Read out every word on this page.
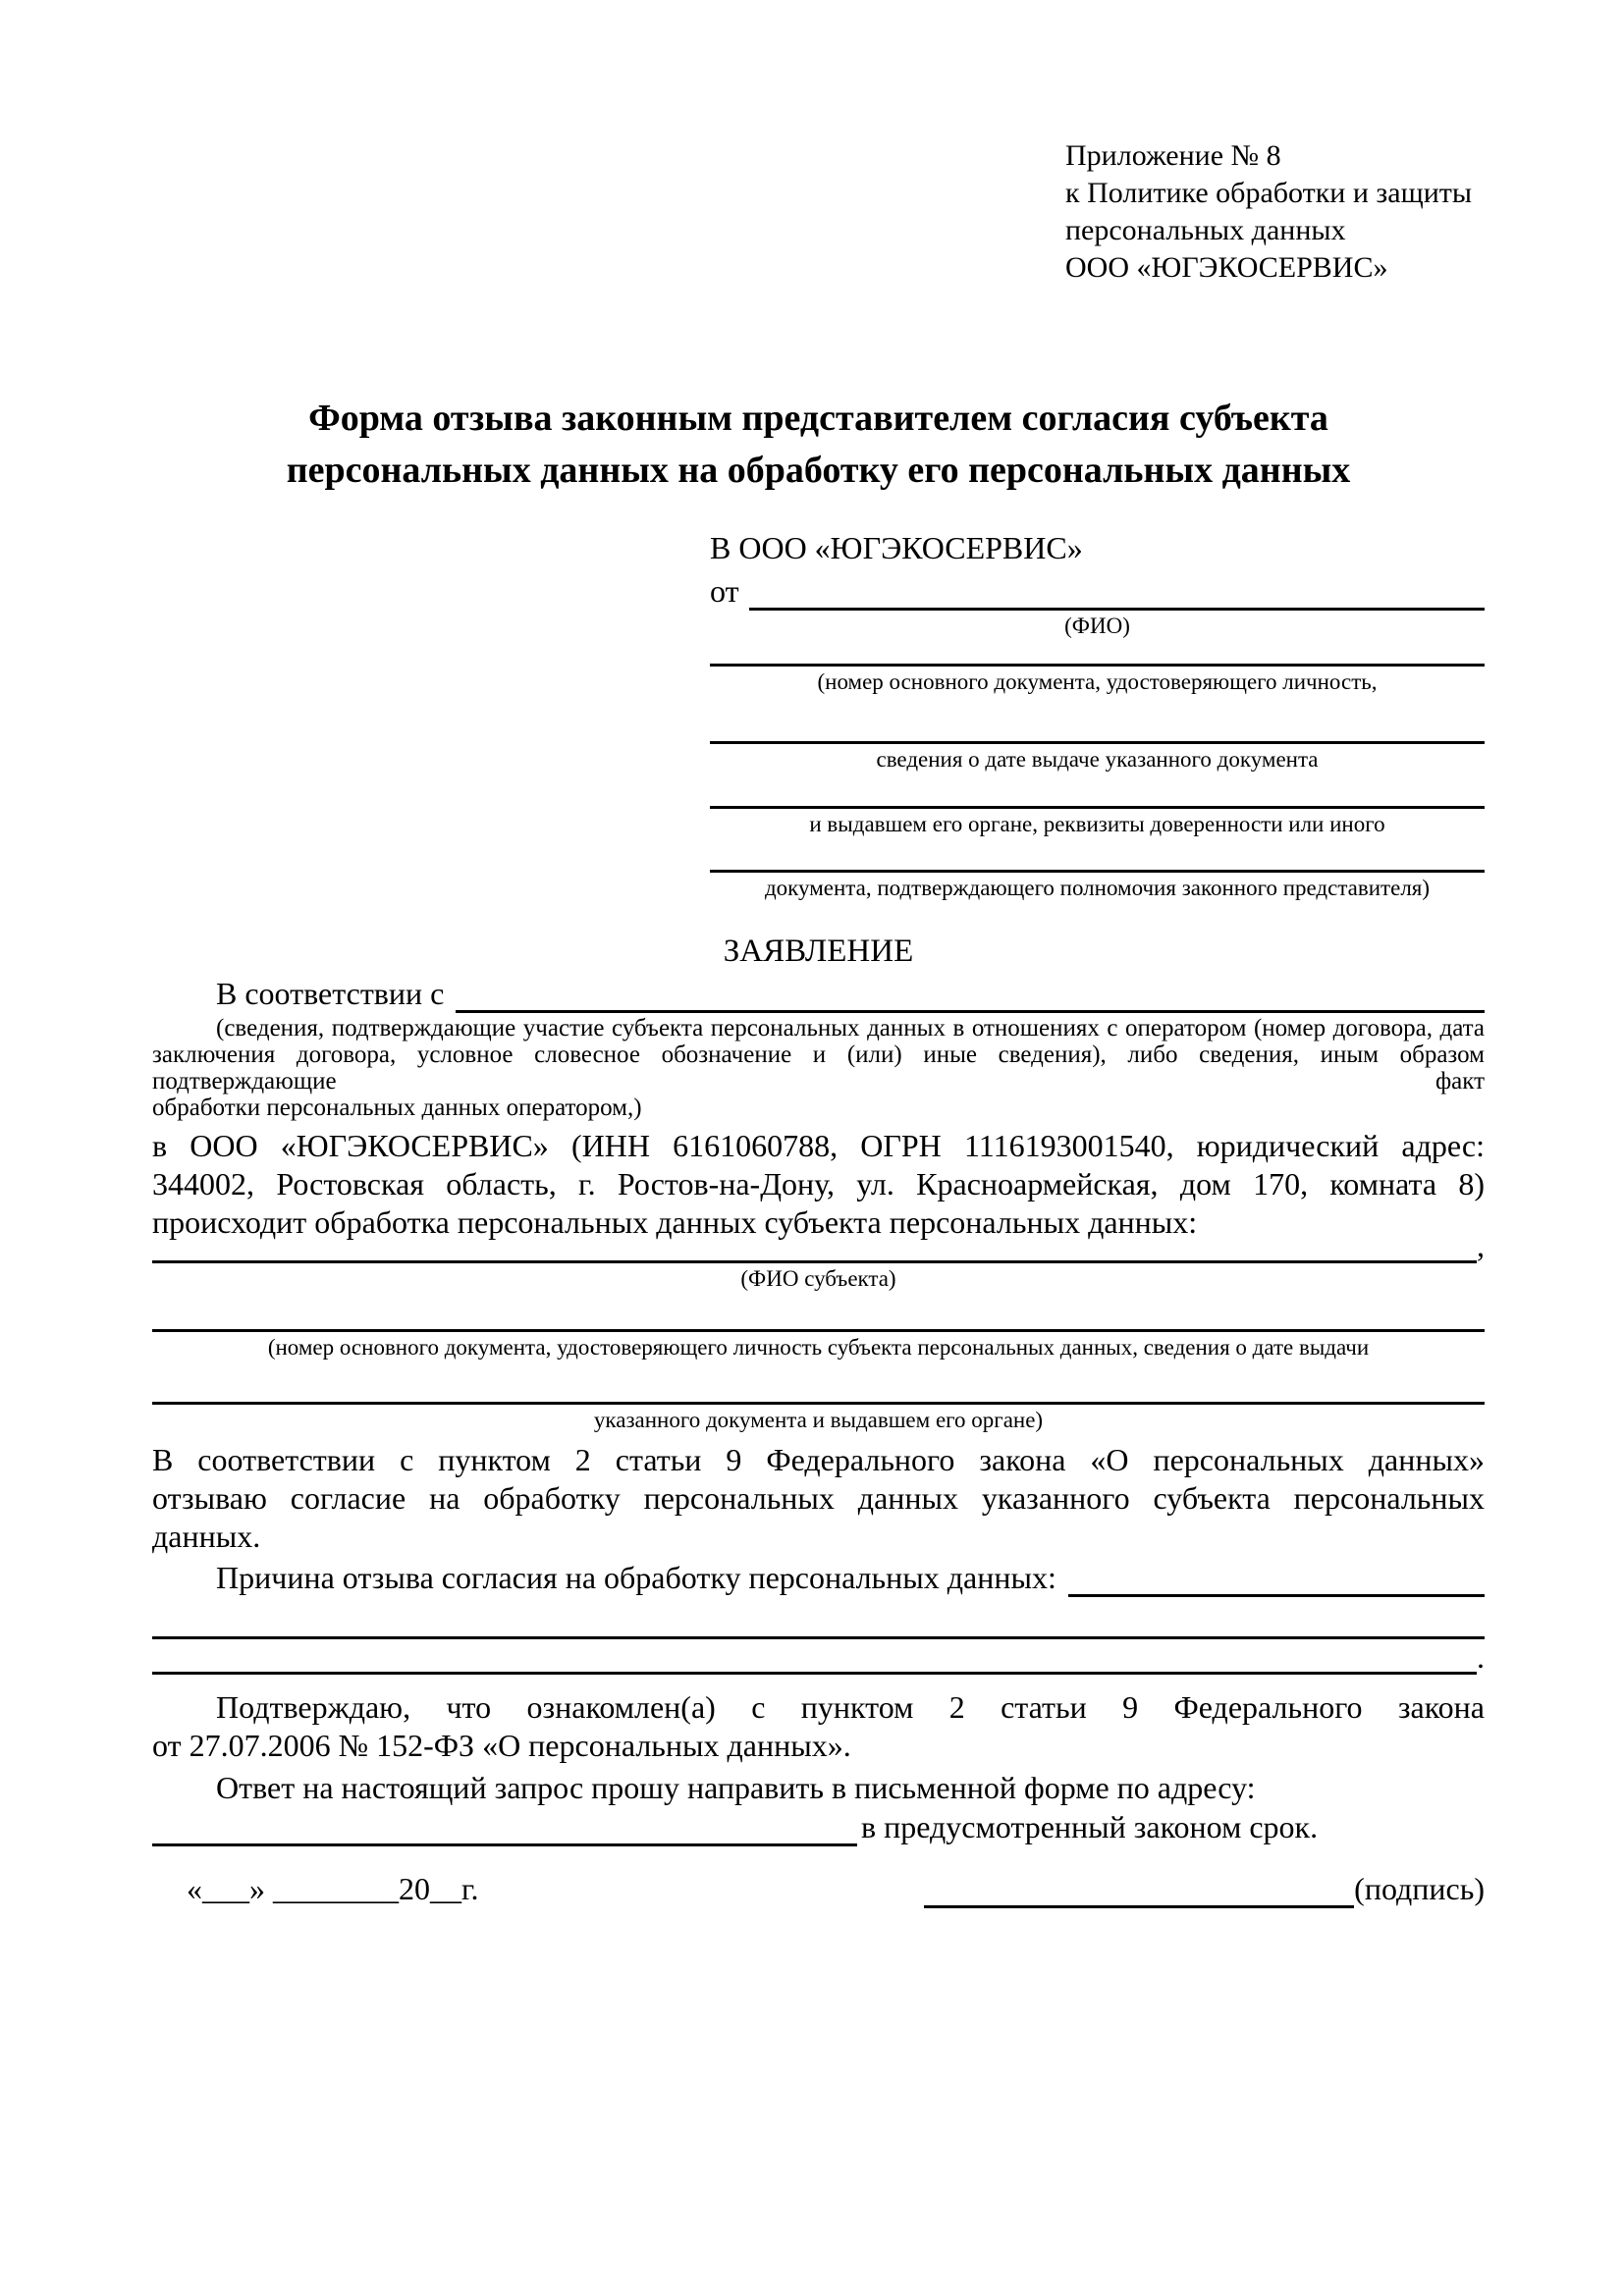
Приложение № 8
к Политике обработки и защиты
персональных данных
ООО «ЮГЭКОСЕРВИС»
Форма отзыва законным представителем согласия субъекта
персональных данных на обработку его персональных данных
В ООО «ЮГЭКОСЕРВИС»
от
(ФИО)
(номер основного документа, удостоверяющего личность,
сведения о дате выдаче указанного документа
и выдавшем его органе, реквизиты доверенности или иного
документа, подтверждающего полномочия законного представителя)
ЗАЯВЛЕНИЕ
В соответствии с
(сведения, подтверждающие участие субъекта персональных данных в отношениях с оператором (номер договора, дата
заключения договора, условное словесное обозначение и (или) иные сведения), либо сведения, иным образом подтверждающие факт
обработки персональных данных оператором,)
в ООО «ЮГЭКОСЕРВИС» (ИНН 6161060788, ОГРН 1116193001540, юридический адрес:
344002, Ростовская область, г. Ростов-на-Дону, ул. Красноармейская, дом 170, комната 8)
происходит обработка персональных данных субъекта персональных данных:
,
(ФИО субъекта)
(номер основного документа, удостоверяющего личность субъекта персональных данных, сведения о дате выдачи
указанного документа и выдавшем его органе)
В соответствии с пунктом 2 статьи 9 Федерального закона «О персональных данных»
отзываю согласие на обработку персональных данных указанного субъекта персональных
данных.
Причина отзыва согласия на обработку персональных данных:
.
Подтверждаю, что ознакомлен(а) с пунктом 2 статьи 9 Федерального закона
от 27.07.2006 № 152-ФЗ «О персональных данных».
Ответ на настоящий запрос прошу направить в письменной форме по адресу:
в предусмотренный законом срок.
«___» ________20__г.	(подпись)
